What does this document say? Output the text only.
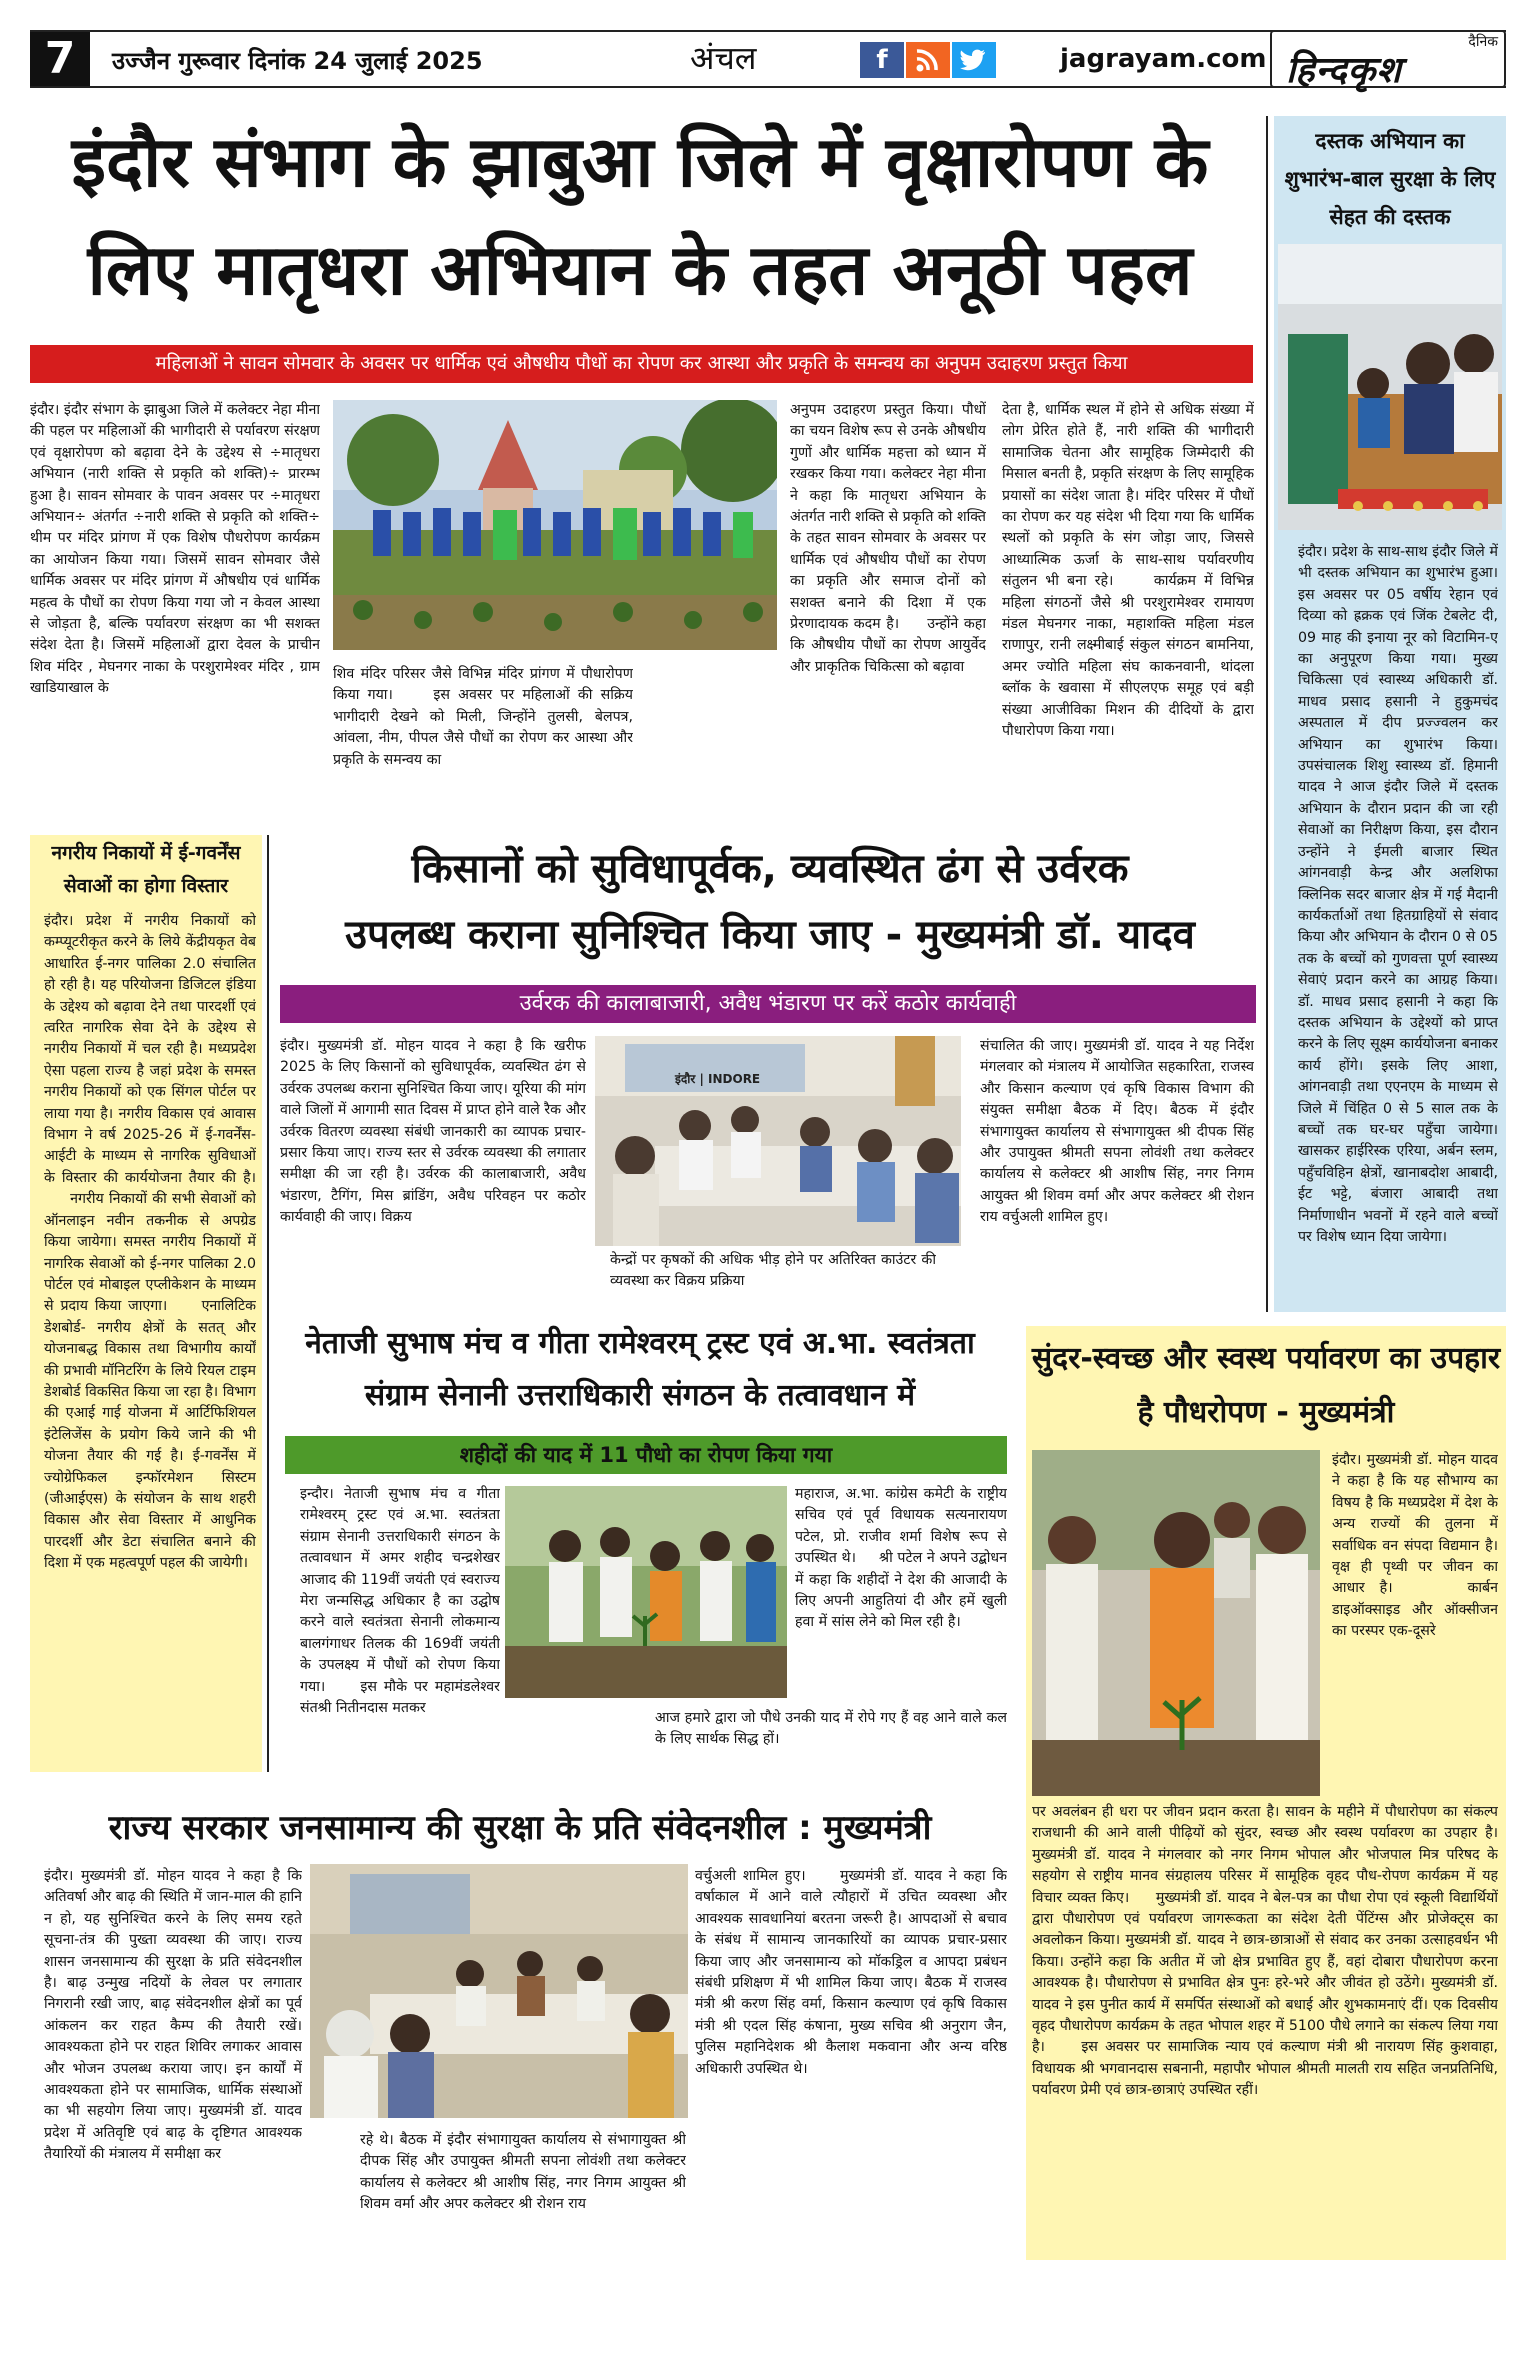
7	उज्जैन गुरूवार दिनांक 24 जुलाई 2025	अंचल	f	jagrayam.com
दैनिक
हिन्दकृश
इंदौर संभाग के झाबुआ जिले में वृक्षारोपण के लिए मातृधरा अभियान के तहत अनूठी पहल
महिलाओं ने सावन सोमवार के अवसर पर धार्मिक एवं औषधीय पौधों का रोपण कर आस्था और प्रकृति के समन्वय का अनुपम उदाहरण प्रस्तुत किया
इंदौर। इंदौर संभाग के झाबुआ जिले में कलेक्टर नेहा मीना की पहल पर महिलाओं की भागीदारी से पर्यावरण संरक्षण एवं वृक्षारोपण को बढ़ावा देने के उद्देश्य से ÷मातृधरा अभियान (नारी शक्ति से प्रकृति को शक्ति)÷ प्रारम्भ हुआ है। सावन सोमवार के पावन अवसर पर ÷मातृधरा अभियान÷ अंतर्गत ÷नारी शक्ति से प्रकृति को शक्ति÷ थीम पर मंदिर प्रांगण में एक विशेष पौधरोपण कार्यक्रम का आयोजन किया गया। जिसमें सावन सोमवार जैसे धार्मिक अवसर पर मंदिर प्रांगण में औषधीय एवं धार्मिक महत्व के पौधों का रोपण किया गया जो न केवल आस्था से जोड़ता है, बल्कि पर्यावरण संरक्षण का भी सशक्त संदेश देता है। जिसमें महिलाओं द्वारा देवल के प्राचीन शिव मंदिर , मेघनगर नाका के परशुरामेश्वर मंदिर , ग्राम खाडियाखाल के
शिव मंदिर परिसर जैसे विभिन्न मंदिर प्रांगण में पौधारोपण किया गया।     इस अवसर पर महिलाओं की सक्रिय भागीदारी देखने को मिली, जिन्होंने तुलसी, बेलपत्र, आंवला, नीम, पीपल जैसे पौधों का रोपण कर आस्था और प्रकृति के समन्वय का
अनुपम उदाहरण प्रस्तुत किया। पौधों का चयन विशेष रूप से उनके औषधीय गुणों और धार्मिक महत्ता को ध्यान में रखकर किया गया। कलेक्टर नेहा मीना ने कहा कि मातृधरा अभियान के अंतर्गत नारी शक्ति से प्रकृति को शक्ति के तहत सावन सोमवार के अवसर पर धार्मिक एवं औषधीय पौधों का रोपण का प्रकृति और समाज दोनों को सशक्त बनाने की दिशा में एक प्रेरणादायक कदम है।     उन्होंने कहा कि औषधीय पौधों का रोपण आयुर्वेद और प्राकृतिक चिकित्सा को बढ़ावा
देता है, धार्मिक स्थल में होने से अधिक संख्या में लोग प्रेरित होते हैं, नारी शक्ति की भागीदारी सामाजिक चेतना और सामूहिक जिम्मेदारी की मिसाल बनती है, प्रकृति संरक्षण के लिए सामूहिक प्रयासों का संदेश जाता है। मंदिर परिसर में पौधों का रोपण कर यह संदेश भी दिया गया कि धार्मिक स्थलों को प्रकृति के संग जोड़ा जाए, जिससे आध्यात्मिक ऊर्जा के साथ-साथ पर्यावरणीय संतुलन भी बना रहे।     कार्यक्रम में विभिन्न महिला संगठनों जैसे श्री परशुरामेश्वर रामायण मंडल मेघनगर नाका, महाशक्ति महिला मंडल राणापुर, रानी लक्ष्मीबाई संकुल संगठन बामनिया, अमर ज्योति महिला संघ काकनवानी, थांदला ब्लॉक के खवासा में सीएलएफ समूह एवं बड़ी संख्या आजीविका मिशन की दीदियों के द्वारा पौधारोपण किया गया।
दस्तक अभियान का शुभारंभ-बाल सुरक्षा के लिए सेहत की दस्तक
इंदौर। प्रदेश के साथ-साथ इंदौर जिले में भी दस्तक अभियान का शुभारंभ हुआ। इस अवसर पर 05 वर्षीय रेहान एवं दिव्या को ह्रक्रक एवं जिंक टेबलेट दी, 09 माह की इनाया नूर को विटामिन-ए का अनुपूरण किया गया। मुख्य चिकित्सा एवं स्वास्थ्य अधिकारी डॉ. माधव प्रसाद हसानी ने हुकुमचंद अस्पताल में दीप प्रज्ज्वलन कर अभियान का शुभारंभ किया। उपसंचालक शिशु स्वास्थ्य डॉ. हिमानी यादव ने आज इंदौर जिले में दस्तक अभियान के दौरान प्रदान की जा रही सेवाओं का निरीक्षण किया, इस दौरान उन्होंने ने ईमली बाजार स्थित आंगनवाड़ी केन्द्र और अलशिफा क्लिनिक सदर बाजार क्षेत्र में गई मैदानी कार्यकर्ताओं तथा हितग्राहियों से संवाद किया और अभियान के दौरान 0 से 05 तक के बच्चों को गुणवत्ता पूर्ण स्वास्थ्य सेवाएं प्रदान करने का आग्रह किया। डॉ. माधव प्रसाद हसानी ने कहा कि दस्तक अभियान के उद्देश्यों को प्राप्त करने के लिए सूक्ष्म कार्ययोजना बनाकर कार्य होंगे। इसके लिए आशा, आंगनवाड़ी तथा एएनएम के माध्यम से जिले में चिंहित 0 से 5 साल तक के बच्चों तक घर-घर पहुँचा जायेगा। खासकर हाईरिस्क एरिया, अर्बन स्लम, पहुँचविहिन क्षेत्रों, खानाबदोश आबादी, ईट भट्टे, बंजारा आबादी तथा निर्माणाधीन भवनों में रहने वाले बच्चों पर विशेष ध्यान दिया जायेगा।
नगरीय निकायों में ई-गवर्नेंस सेवाओं का होगा विस्तार
इंदौर। प्रदेश में नगरीय निकायों को कम्प्यूटरीकृत करने के लिये केंद्रीयकृत वेब आधारित ई-नगर पालिका 2.0 संचालित हो रही है। यह परियोजना डिजिटल इंडिया के उद्देश्य को बढ़ावा देने तथा पारदर्शी एवं त्वरित नागरिक सेवा देने के उद्देश्य से नगरीय निकायों में चल रही है। मध्यप्रदेश ऐसा पहला राज्य है जहां प्रदेश के समस्त नगरीय निकायों को एक सिंगल पोर्टल पर लाया गया है। नगरीय विकास एवं आवास विभाग ने वर्ष 2025-26 में ई-गवर्नेंस-आईटी के माध्यम से नागरिक सुविधाओं के विस्तार की कार्ययोजना तैयार की है।     नगरीय निकायों की सभी सेवाओं को ऑनलाइन नवीन तकनीक से अपग्रेड किया जायेगा। समस्त नगरीय निकायों में नागरिक सेवाओं को ई-नगर पालिका 2.0 पोर्टल एवं मोबाइल एप्लीकेशन के माध्यम से प्रदाय किया जाएगा।     एनालिटिक डेशबोर्ड- नगरीय क्षेत्रों के सतत् और योजनाबद्ध विकास तथा विभागीय कार्यों की प्रभावी मॉनिटरिंग के लिये रियल टाइम डेशबोर्ड विकसित किया जा रहा है। विभाग की एआई गाई योजना में आर्टिफिशियल इंटेलिजेंस के प्रयोग किये जाने की भी योजना तैयार की गई है। ई-गवर्नेंस में ज्योग्रेफिकल इन्फॉरमेशन सिस्टम (जीआईएस) के संयोजन के साथ शहरी विकास और सेवा विस्तार में आधुनिक पारदर्शी और डेटा संचालित बनाने की दिशा में एक महत्वपूर्ण पहल की जायेगी।
किसानों को सुविधापूर्वक, व्यवस्थित ढंग से उर्वरक
उपलब्ध कराना सुनिश्चित किया जाए - मुख्यमंत्री डॉ. यादव
उर्वरक की कालाबाजारी, अवैध भंडारण पर करें कठोर कार्यवाही
इंदौर। मुख्यमंत्री डॉ. मोहन यादव ने कहा है कि खरीफ 2025 के लिए किसानों को सुविधापूर्वक, व्यवस्थित ढंग से उर्वरक उपलब्ध कराना सुनिश्चित किया जाए। यूरिया की मांग वाले जिलों में आगामी सात दिवस में प्राप्त होने वाले रैक और उर्वरक वितरण व्यवस्था संबंधी जानकारी का व्यापक प्रचार-प्रसार किया जाए। राज्य स्तर से उर्वरक व्यवस्था की लगातार समीक्षा की जा रही है। उर्वरक की कालाबाजारी, अवैध भंडारण, टैगिंग, मिस ब्रांडिंग, अवैध परिवहन पर कठोर कार्यवाही की जाए। विक्रय
इंदौर | INDORE
केन्द्रों पर कृषकों की अधिक भीड़ होने पर अतिरिक्त काउंटर की व्यवस्था कर विक्रय प्रक्रिया
संचालित की जाए। मुख्यमंत्री डॉ. यादव ने यह निर्देश मंगलवार को मंत्रालय में आयोजित सहकारिता, राजस्व और किसान कल्याण एवं कृषि विकास विभाग की संयुक्त समीक्षा बैठक में दिए। बैठक में इंदौर संभागायुक्त कार्यालय से संभागायुक्त श्री दीपक सिंह और उपायुक्त श्रीमती सपना लोवंशी तथा कलेक्टर कार्यालय से कलेक्टर श्री आशीष सिंह, नगर निगम आयुक्त श्री शिवम वर्मा और अपर कलेक्टर श्री रोशन राय वर्चुअली शामिल हुए।
नेताजी सुभाष मंच व गीता रामेश्वरम् ट्रस्ट एवं अ.भा. स्वतंत्रता
संग्राम सेनानी उत्तराधिकारी संगठन के तत्वावधान में
शहीदों की याद में 11 पौधो का रोपण किया गया
इन्दौर। नेताजी सुभाष मंच व गीता रामेश्वरम् ट्रस्ट एवं अ.भा. स्वतंत्रता संग्राम सेनानी उत्तराधिकारी संगठन के तत्वावधान में अमर शहीद चन्द्रशेखर आजाद की 119वीं जयंती एवं स्वराज्य मेरा जन्मसिद्ध अधिकार है का उद्घोष करने वाले स्वतंत्रता सेनानी लोकमान्य बालगंगाधर तिलक की 169वीं जयंती के उपलक्ष्य में पौधों को रोपण किया गया।     इस मौके पर महामंडलेश्वर संतश्री नितीनदास मतकर
आज हमारे द्वारा जो पौधे उनकी याद में रोपे गए हैं वह आने वाले कल के लिए सार्थक सिद्ध हों।
महाराज, अ.भा. कांग्रेस कमेटी के राष्ट्रीय सचिव एवं पूर्व विधायक सत्यनारायण पटेल, प्रो. राजीव शर्मा विशेष रूप से उपस्थित थे।     श्री पटेल ने अपने उद्बोधन में कहा कि शहीदों ने देश की आजादी के लिए अपनी आहुतियां दी और हमें खुली हवा में सांस लेने को मिल रही है।
सुंदर-स्वच्छ और स्वस्थ पर्यावरण का उपहार है पौधरोपण - मुख्यमंत्री
इंदौर। मुख्यमंत्री डॉ. मोहन यादव ने कहा है कि यह सौभाग्य का विषय है कि मध्यप्रदेश में देश के अन्य राज्यों की तुलना में सर्वाधिक वन संपदा विद्यमान है। वृक्ष ही पृथ्वी पर जीवन का आधार है।     कार्बन डाइऑक्साइड और ऑक्सीजन का परस्पर एक-दूसरे
पर अवलंबन ही धरा पर जीवन प्रदान करता है। सावन के महीने में पौधारोपण का संकल्प राजधानी की आने वाली पीढ़ियों को सुंदर, स्वच्छ और स्वस्थ पर्यावरण का उपहार है। मुख्यमंत्री डॉ. यादव ने मंगलवार को नगर निगम भोपाल और भोजपाल मित्र परिषद के सहयोग से राष्ट्रीय मानव संग्रहालय परिसर में सामूहिक वृहद पौध-रोपण कार्यक्रम में यह विचार व्यक्त किए।     मुख्यमंत्री डॉ. यादव ने बेल-पत्र का पौधा रोपा एवं स्कूली विद्यार्थियों द्वारा पौधारोपण एवं पर्यावरण जागरूकता का संदेश देती पेंटिंग्स और प्रोजेक्ट्स का अवलोकन किया। मुख्यमंत्री डॉ. यादव ने छात्र-छात्राओं से संवाद कर उनका उत्साहवर्धन भी किया। उन्होंने कहा कि अतीत में जो क्षेत्र प्रभावित हुए हैं, वहां दोबारा पौधारोपण करना आवश्यक है। पौधारोपण से प्रभावित क्षेत्र पुनः हरे-भरे और जीवंत हो उठेंगे। मुख्यमंत्री डॉ. यादव ने इस पुनीत कार्य में समर्पित संस्थाओं को बधाई और शुभकामनाएं दीं। एक दिवसीय वृहद पौधारोपण कार्यक्रम के तहत भोपाल शहर में 5100 पौधे लगाने का संकल्प लिया गया है।     इस अवसर पर सामाजिक न्याय एवं कल्याण मंत्री श्री नारायण सिंह कुशवाहा, विधायक श्री भगवानदास सबनानी, महापौर भोपाल श्रीमती मालती राय सहित जनप्रतिनिधि, पर्यावरण प्रेमी एवं छात्र-छात्राएं उपस्थित रहीं।
राज्य सरकार जनसामान्य की सुरक्षा के प्रति संवेदनशील : मुख्यमंत्री
इंदौर। मुख्यमंत्री डॉ. मोहन यादव ने कहा है कि अतिवर्षा और बाढ़ की स्थिति में जान-माल की हानि न हो, यह सुनिश्चित करने के लिए समय रहते सूचना-तंत्र की पुख्ता व्यवस्था की जाए। राज्य शासन जनसामान्य की सुरक्षा के प्रति संवेदनशील है। बाढ़ उन्मुख नदियों के लेवल पर लगातार निगरानी रखी जाए, बाढ़ संवेदनशील क्षेत्रों का पूर्व आंकलन कर राहत कैम्प की तैयारी रखें। आवश्यकता होने पर राहत शिविर लगाकर आवास और भोजन उपलब्ध कराया जाए। इन कार्यों में आवश्यकता होने पर सामाजिक, धार्मिक संस्थाओं का भी सहयोग लिया जाए। मुख्यमंत्री डॉ. यादव प्रदेश में अतिवृष्टि एवं बाढ़ के दृष्टिगत आवश्यक तैयारियों की मंत्रालय में समीक्षा कर
रहे थे। बैठक में इंदौर संभागायुक्त कार्यालय से संभागायुक्त श्री दीपक सिंह और उपायुक्त श्रीमती सपना लोवंशी तथा कलेक्टर कार्यालय से कलेक्टर श्री आशीष सिंह, नगर निगम आयुक्त श्री शिवम वर्मा और अपर कलेक्टर श्री रोशन राय
वर्चुअली शामिल हुए।     मुख्यमंत्री डॉ. यादव ने कहा कि वर्षाकाल में आने वाले त्यौहारों में उचित व्यवस्था और आवश्यक सावधानियां बरतना जरूरी है। आपदाओं से बचाव के संबंध में सामान्य जानकारियों का व्यापक प्रचार-प्रसार किया जाए और जनसामान्य को मॉकड्रिल व आपदा प्रबंधन संबंधी प्रशिक्षण में भी शामिल किया जाए। बैठक में राजस्व मंत्री श्री करण सिंह वर्मा, किसान कल्याण एवं कृषि विकास मंत्री श्री एदल सिंह कंषाना, मुख्य सचिव श्री अनुराग जैन, पुलिस महानिदेशक श्री कैलाश मकवाना और अन्य वरिष्ठ अधिकारी उपस्थित थे।
